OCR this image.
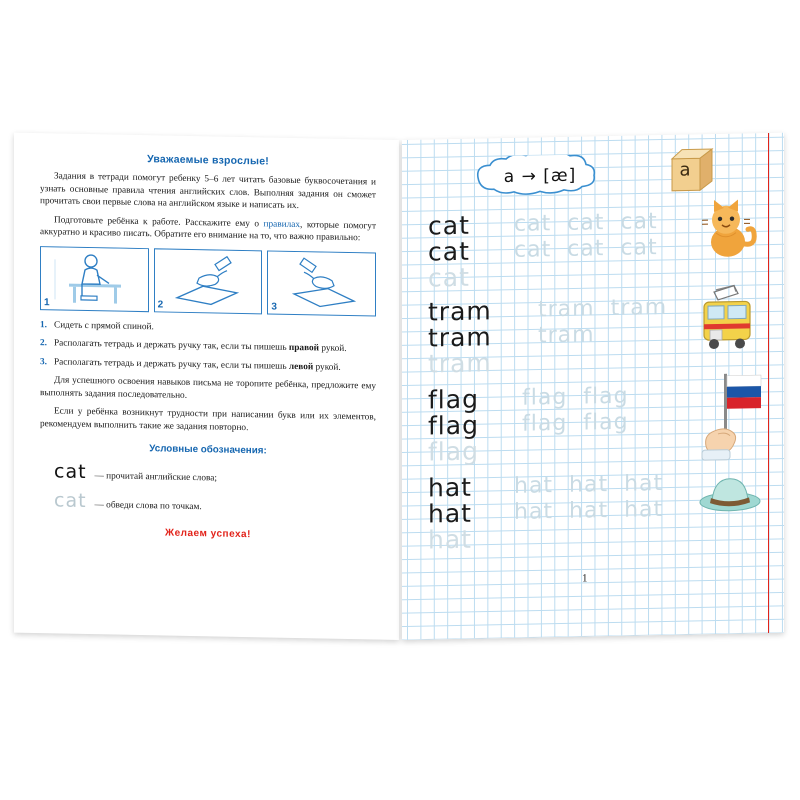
Уважаемые взрослые!

Задания в тетради помогут ребенку 5–6 лет читать базовые буквосочетания и узнать основные правила чтения английских слов. Выполняя задания он сможет прочитать свои первые слова на английском языке и написать их.

Подготовьте ребёнка к работе. Расскажите ему о правилах, которые помогут аккуратно и красиво писать. Обратите его внимание на то, что важно правильно:

1	2	3
1. Сидеть с прямой спиной.
2. Располагать тетрадь и держать ручку так, если ты пишешь правой рукой.
3. Располагать тетрадь и держать ручку так, если ты пишешь левой рукой.

Для успешного освоения навыков письма не торопите ребёнка, предложите ему выполнять задания последовательно.

Если у ребёнка возникнут трудности при написании букв или их элементов, рекомендуем выполнить такие же задания повторно.

Условные обозначения:
cat — прочитай английские слова;
cat — обведи слова по точкам.
Желаем успеха!
a → [æ]	a
cat cat  cat  cat
cat cat  cat  cat
cat
tram tram  tram
tram tram
tram
flag flag  flag
flag flag  flag
flag
hat hat  hat  hat
hat hat  hat  hat
hat
1
